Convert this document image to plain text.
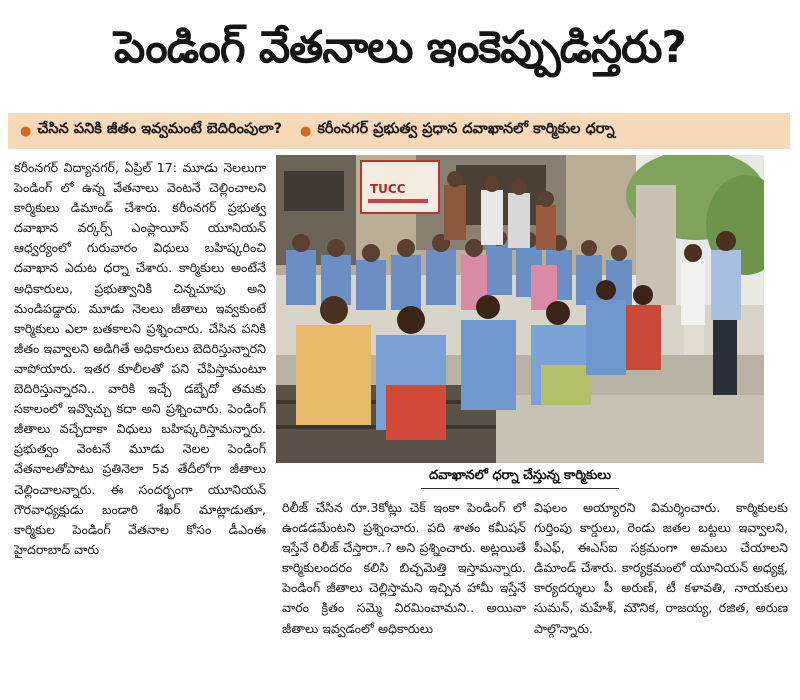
పెండింగ్ వేతనాలు ఇంకెప్పుడిస్తరు?
● చేసిన పనికి జీతం ఇవ్వమంటే బెదిరింపులా? ● కరీంనగర్ ప్రభుత్వ ప్రధాన దవాఖానలో కార్మికుల ధర్నా

కరీంనగర్ విద్యానగర్, ఏప్రిల్ 17: మూడు నెలలుగా పెండింగ్ లో ఉన్న వేతనాలు వెంటనే చెల్లించాలని కార్మికులు డిమాండ్ చేశారు. కరీంనగర్ ప్రభుత్వ దవాఖాన వర్కర్స్ ఎంప్లాయీస్ యూనియన్ ఆధ్వర్యంలో గురువారం విధులు బహిష్కరించి దవాఖాన ఎదుట ధర్నా చేశారు. కార్మికులు అంటేనే అధికారులు, ప్రభుత్వానికి చిన్నచూపు అని మండిపడ్డారు. మూడు నెలలు జీతాలు ఇవ్వకుంటే కార్మికులు ఎలా బతకాలని ప్రశ్నించారు. చేసిన పనికి జీతం ఇవ్వాలని అడిగితే అధికారులు బెదిరిస్తున్నారని వాపోయారు. ఇతర కూలీలతో పని చేపిస్తామంటూ బెదిరిస్తున్నారని.. వారికి ఇచ్చే డబ్బేదో తమకు సకాలంలో ఇవ్వొచ్చు కదా అని ప్రశ్నించారు. పెండింగ్ జీతాలు వచ్చేదాకా విధులు బహిష్కరిస్తామన్నారు. ప్రభుత్వం వెంటనే మూడు నెలల పెండింగ్ వేతనాలతోపాటు ప్రతినెలా 5వ తేదీలోగా జీతాలు చెల్లించాలన్నారు. ఈ సందర్భంగా యూనియన్ గౌరవాధ్యక్షుడు బండారి శేఖర్ మాట్లాడుతూ, కార్మికుల పెండింగ్ వేతనాల కోసం డీఎంఈ హైదరాబాద్ వారు

TUCC
దవాఖానలో ధర్నా చేస్తున్న కార్మికులు

రిలీజ్ చేసిన రూ.3కోట్లు చెక్ ఇంకా పెండింగ్ లో ఉండడమేంటని ప్రశ్నించారు. పది శాతం కమీషన్ ఇస్తేనే రిలీజ్ చేస్తారా..? అని ప్రశ్నించారు. అట్లయితే కార్మికులందరం కలిసి బిచ్చమెత్తి ఇస్తామన్నారు. పెండింగ్ జీతాలు చెల్లిస్తామని ఇచ్చిన హామీ ఇస్తేనే వారం క్రితం సమ్మె విరమించామని.. అయినా జీతాలు ఇవ్వడంలో అధికారులు

విఫలం అయ్యారని విమర్శించారు. కార్మికులకు గుర్తింపు కార్డులు, రెండు జతల బట్టలు ఇవ్వాలని, పీఎఫ్, ఈఎస్ఐ సక్రమంగా అమలు చేయాలని డిమాండ్ చేశారు. కార్యక్రమంలో యూనియన్ అధ్యక్ష, కార్యదర్శులు పీ అరుణ్, టీ కళావతి, నాయకులు సుమన్, మహేశ్, మౌనిక, రాజయ్య, రజిత, అరుణ పాల్గొన్నారు.
